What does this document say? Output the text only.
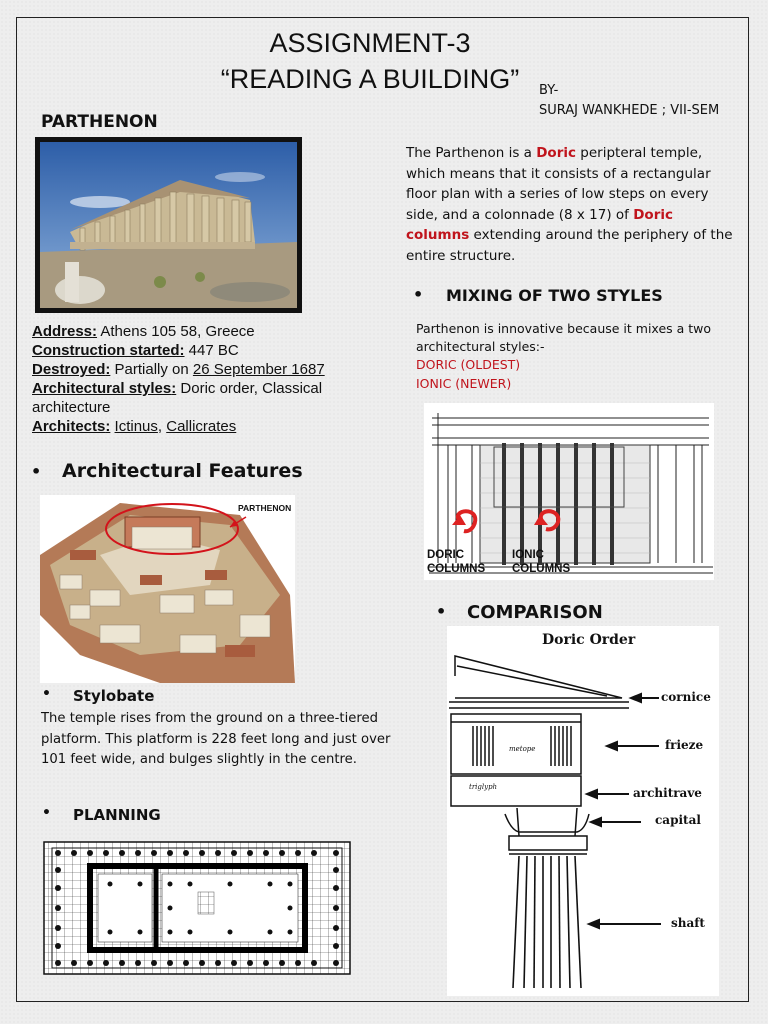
ASSIGNMENT-3
“READING A BUILDING”	BY-
SURAJ WANKHEDE ; VII-SEM
PARTHENON
Address: Athens 105 58, Greece
Construction started: 447 BC
Destroyed: Partially on 26 September 1687
Architectural styles: Doric order, Classical architecture
Architects: Ictinus, Callicrates
The Parthenon is a Doric peripteral temple, which means that it consists of a rectangular floor plan with a series of low steps on every side, and a colonnade (8 x 17) of Doric columns extending around the periphery of the entire structure.
• MIXING OF TWO STYLES
Parthenon is innovative because it mixes a two architectural styles:-
DORIC (OLDEST)
IONIC (NEWER)
DORIC
COLUMNS
IONIC
COLUMNS
• Architectural Features
PARTHENON
• Stylobate
The temple rises from the ground on a three-tiered platform. This platform is 228 feet long and just over 101 feet wide, and bulges slightly in the centre.
• PLANNING
• COMPARISON
Doric Order
cornice
frieze
architrave
capital
shaft
metope
triglyph
